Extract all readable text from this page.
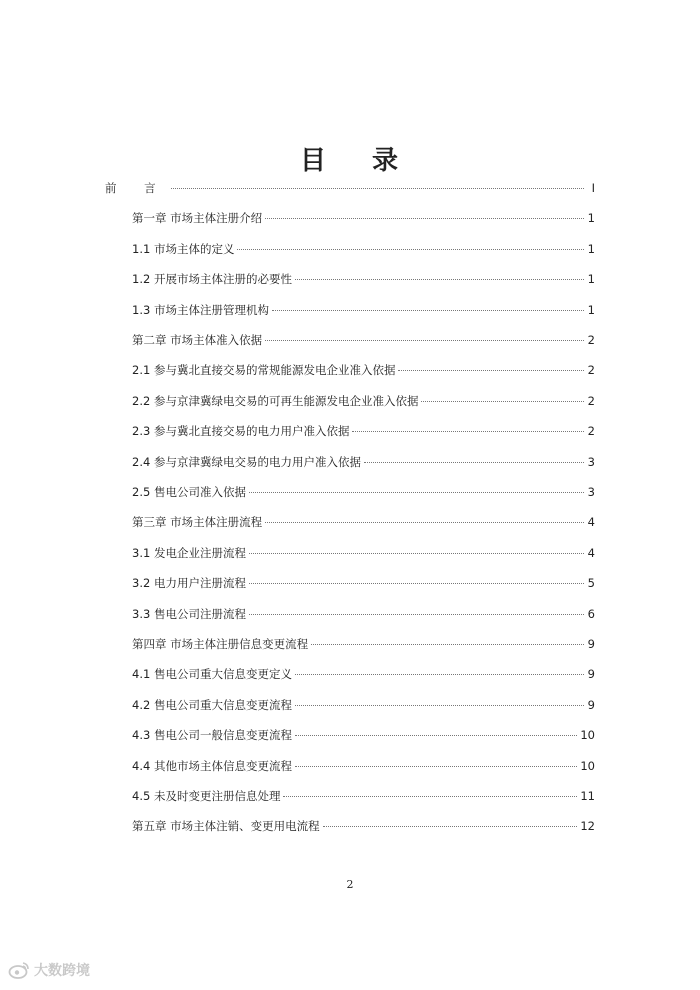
目 录
前 言	I
第一章 市场主体注册介绍	1
1.1 市场主体的定义	1
1.2 开展市场主体注册的必要性	1
1.3 市场主体注册管理机构	1
第二章 市场主体准入依据	2
2.1 参与冀北直接交易的常规能源发电企业准入依据	2
2.2 参与京津冀绿电交易的可再生能源发电企业准入依据	2
2.3 参与冀北直接交易的电力用户准入依据	2
2.4 参与京津冀绿电交易的电力用户准入依据	3
2.5 售电公司准入依据	3
第三章 市场主体注册流程	4
3.1 发电企业注册流程	4
3.2 电力用户注册流程	5
3.3 售电公司注册流程	6
第四章 市场主体注册信息变更流程	9
4.1 售电公司重大信息变更定义	9
4.2 售电公司重大信息变更流程	9
4.3 售电公司一般信息变更流程	10
4.4 其他市场主体信息变更流程	10
4.5 未及时变更注册信息处理	11
第五章 市场主体注销、变更用电流程	12
2
大数跨境
